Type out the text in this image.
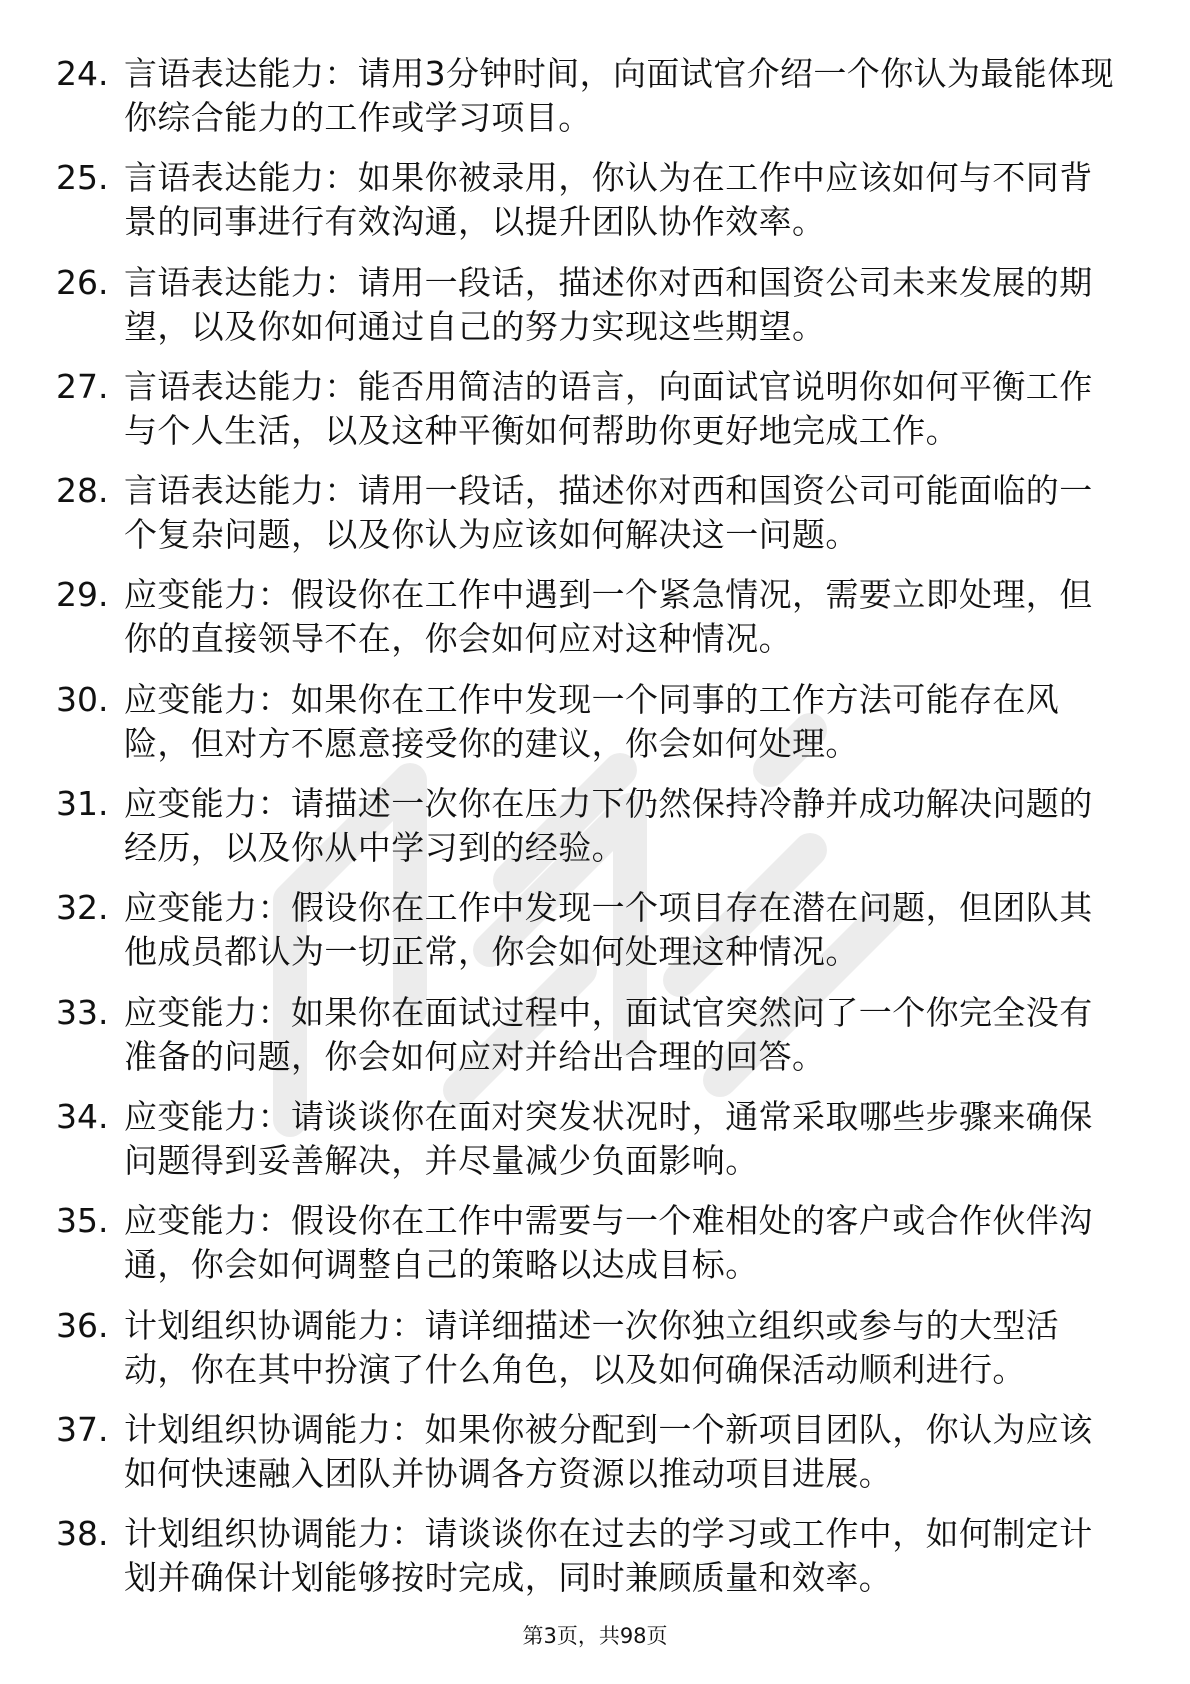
24. 言语表达能力：请用3分钟时间，向面试官介绍一个你认为最能体现你综合能力的工作或学习项目。
25. 言语表达能力：如果你被录用，你认为在工作中应该如何与不同背景的同事进行有效沟通，以提升团队协作效率。
26. 言语表达能力：请用一段话，描述你对西和国资公司未来发展的期望，以及你如何通过自己的努力实现这些期望。
27. 言语表达能力：能否用简洁的语言，向面试官说明你如何平衡工作与个人生活，以及这种平衡如何帮助你更好地完成工作。
28. 言语表达能力：请用一段话，描述你对西和国资公司可能面临的一个复杂问题，以及你认为应该如何解决这一问题。
29. 应变能力：假设你在工作中遇到一个紧急情况，需要立即处理，但你的直接领导不在，你会如何应对这种情况。
30. 应变能力：如果你在工作中发现一个同事的工作方法可能存在风险，但对方不愿意接受你的建议，你会如何处理。
31. 应变能力：请描述一次你在压力下仍然保持冷静并成功解决问题的经历，以及你从中学习到的经验。
32. 应变能力：假设你在工作中发现一个项目存在潜在问题，但团队其他成员都认为一切正常，你会如何处理这种情况。
33. 应变能力：如果你在面试过程中，面试官突然问了一个你完全没有准备的问题，你会如何应对并给出合理的回答。
34. 应变能力：请谈谈你在面对突发状况时，通常采取哪些步骤来确保问题得到妥善解决，并尽量减少负面影响。
35. 应变能力：假设你在工作中需要与一个难相处的客户或合作伙伴沟通，你会如何调整自己的策略以达成目标。
36. 计划组织协调能力：请详细描述一次你独立组织或参与的大型活动，你在其中扮演了什么角色，以及如何确保活动顺利进行。
37. 计划组织协调能力：如果你被分配到一个新项目团队，你认为应该如何快速融入团队并协调各方资源以推动项目进展。
38. 计划组织协调能力：请谈谈你在过去的学习或工作中，如何制定计划并确保计划能够按时完成，同时兼顾质量和效率。
第3页，共98页
